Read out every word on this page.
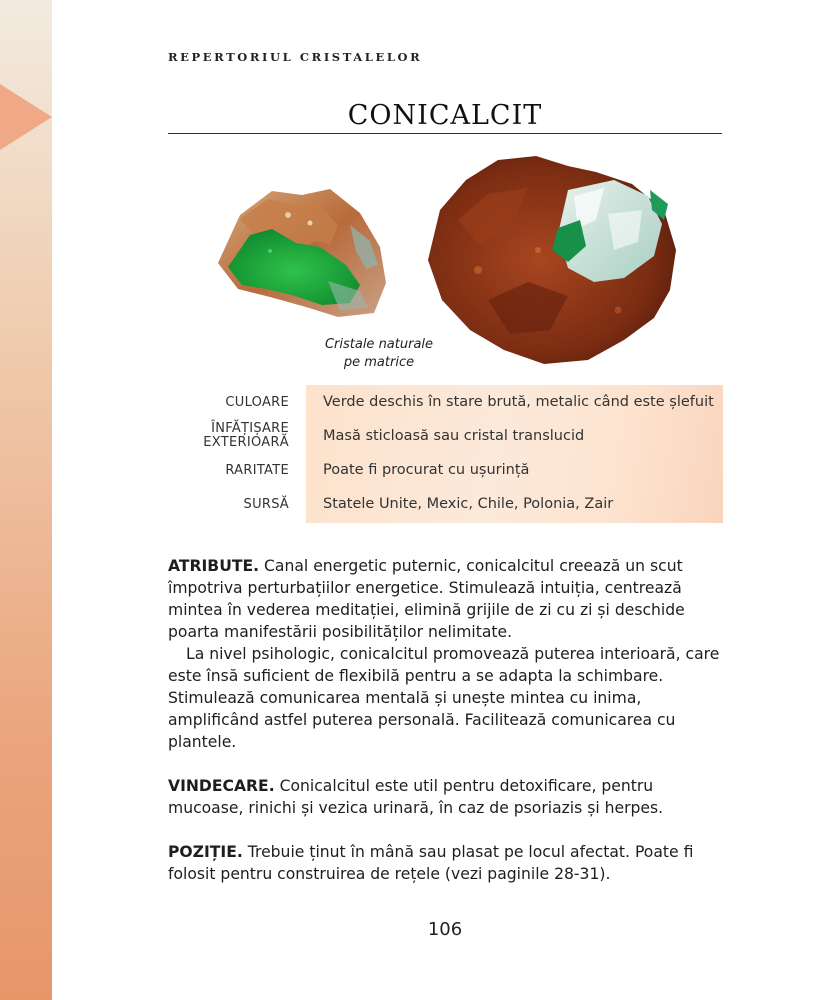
REPERTORIUL CRISTALELOR
CONICALCIT
Cristale naturale
pe matrice
CULOARE Verde deschis în stare brută, metalic când este șlefuit
ÎNFĂȚIȘARE
EXTERIOARĂ Masă sticloasă sau cristal translucid
RARITATE Poate fi procurat cu ușurință
SURSĂ Statele Unite, Mexic, Chile, Polonia, Zair

ATRIBUTE. Canal energetic puternic, conicalcitul creează un scut împotriva perturbațiilor energetice. Stimulează intuiția, centrează mintea în vederea meditației, elimină grijile de zi cu zi și deschide poarta manifestării posibilităților nelimitate.

La nivel psihologic, conicalcitul promovează puterea interioară, care este însă suficient de flexibilă pentru a se adapta la schimbare. Stimulează comunicarea mentală și unește mintea cu inima, amplificând astfel puterea personală. Facilitează comunicarea cu plantele.

VINDECARE. Conicalcitul este util pentru detoxificare, pentru mucoase, rinichi și vezica urinară, în caz de psoriazis și herpes.

POZIȚIE. Trebuie ținut în mână sau plasat pe locul afectat. Poate fi folosit pentru construirea de rețele (vezi paginile 28-31).

106
